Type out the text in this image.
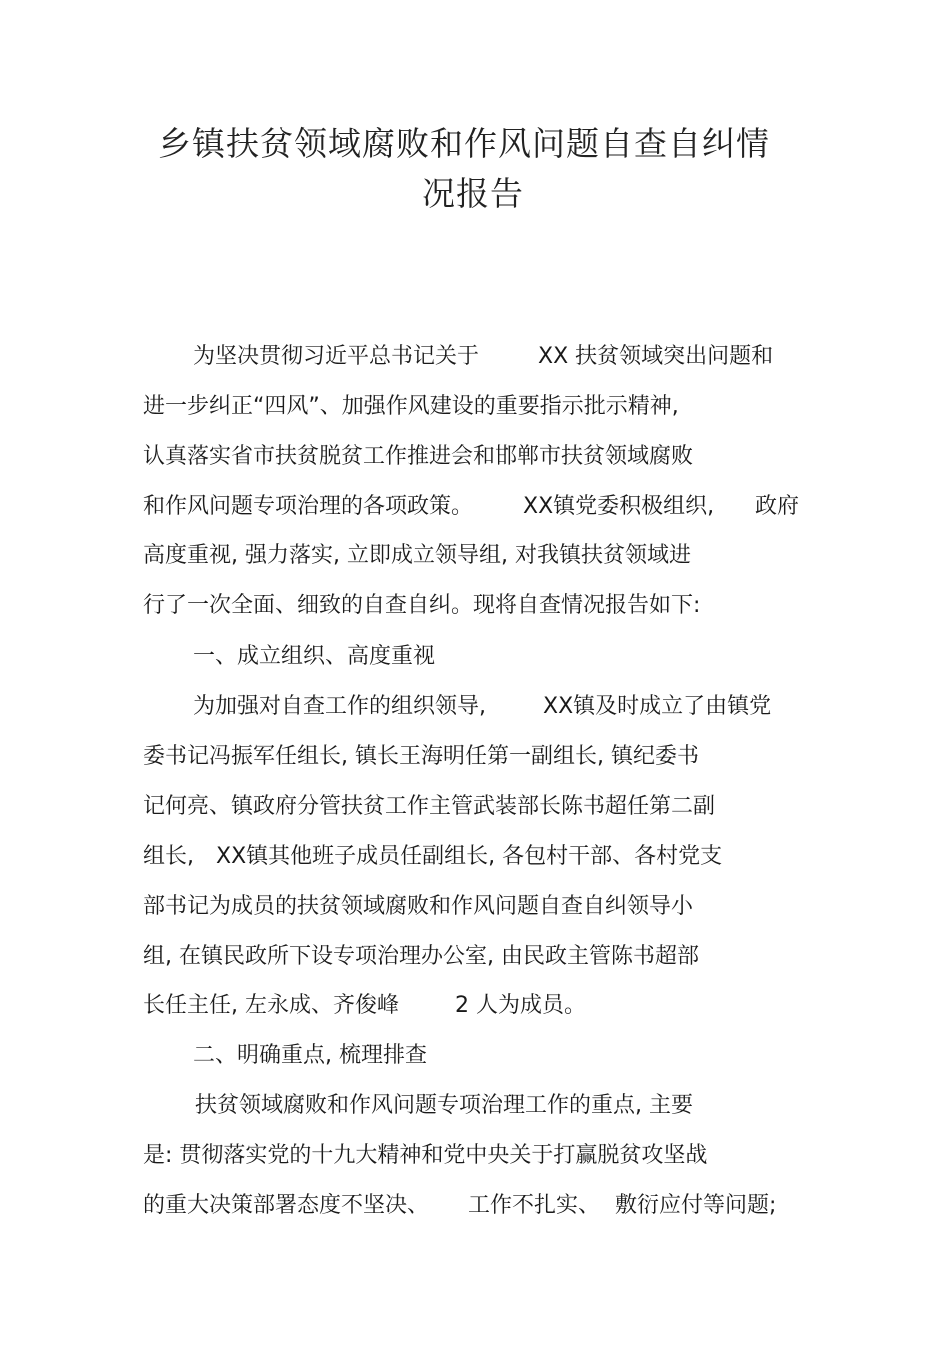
乡镇扶贫领域腐败和作风问题自查自纠情
况报告
为坚决贯彻习近平总书记关于	XX 扶贫领域突出问题和
进一步纠正“四风”、加强作风建设的重要指示批示精神,
认真落实省市扶贫脱贫工作推进会和邯郸市扶贫领域腐败
和作风问题专项治理的各项政策。 XX镇党委积极组织, 政府
高度重视, 强力落实, 立即成立领导组, 对我镇扶贫领域进
行了一次全面、细致的自查自纠。现将自查情况报告如下:
一、成立组织、高度重视
为加强对自查工作的组织领导,	XX镇及时成立了由镇党
委书记冯振军任组长, 镇长王海明任第一副组长, 镇纪委书
记何亮、镇政府分管扶贫工作主管武装部长陈书超任第二副
组长, XX镇其他班子成员任副组长, 各包村干部、各村党支
部书记为成员的扶贫领域腐败和作风问题自查自纠领导小
组, 在镇民政所下设专项治理办公室, 由民政主管陈书超部
长任主任, 左永成、齐俊峰	2 人为成员。
二、明确重点, 梳理排查
扶贫领域腐败和作风问题专项治理工作的重点, 主要
是: 贯彻落实党的十九大精神和党中央关于打赢脱贫攻坚战
的重大决策部署态度不坚决、 工作不扎实、 敷衍应付等问题;
